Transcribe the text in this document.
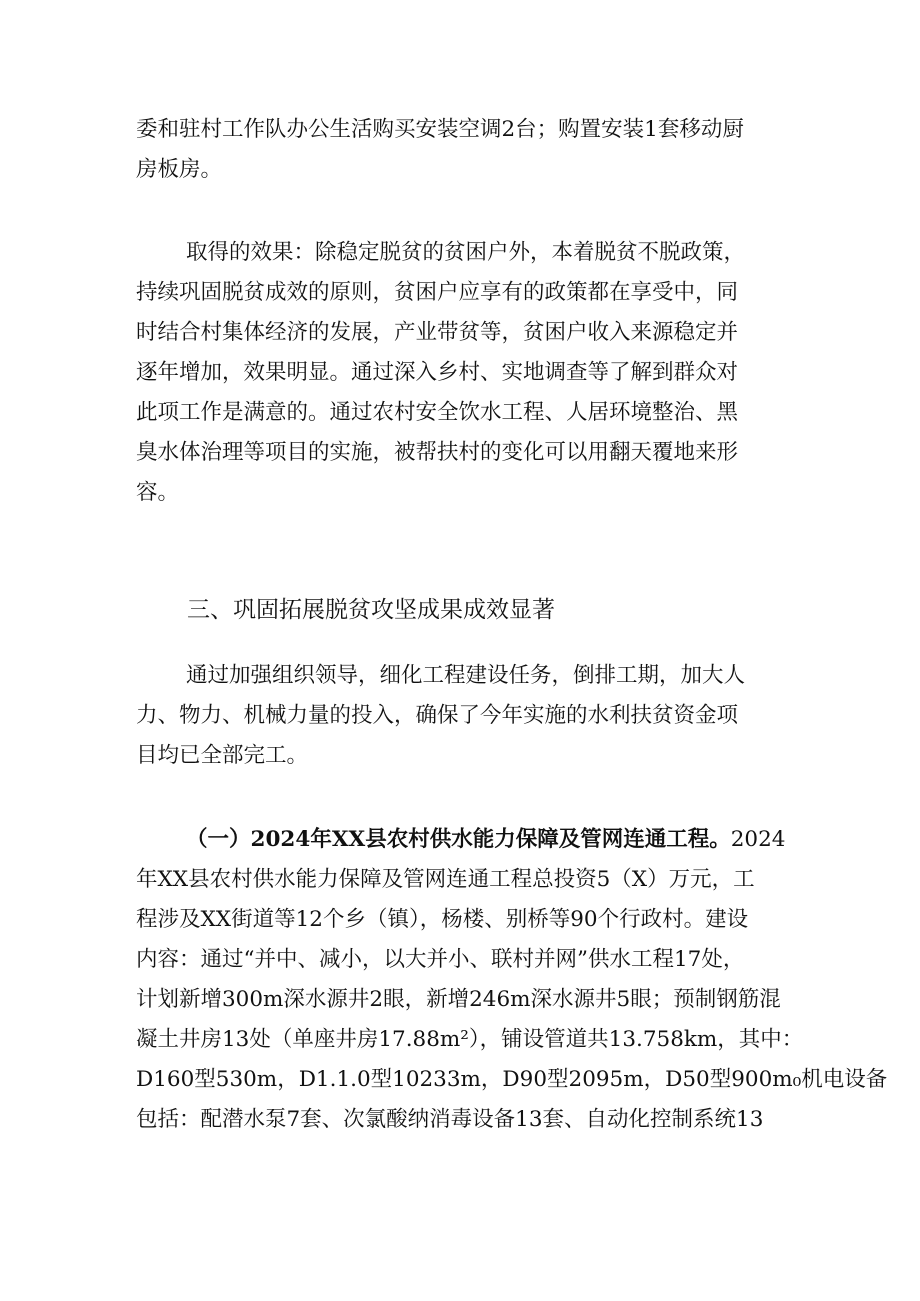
委和驻村工作队办公生活购买安装空调2台；购置安装1套移动厨
房板房。
取得的效果：除稳定脱贫的贫困户外，本着脱贫不脱政策，
持续巩固脱贫成效的原则，贫困户应享有的政策都在享受中，同
时结合村集体经济的发展，产业带贫等，贫困户收入来源稳定并
逐年增加，效果明显。通过深入乡村、实地调查等了解到群众对
此项工作是满意的。通过农村安全饮水工程、人居环境整治、黑
臭水体治理等项目的实施，被帮扶村的变化可以用翻天覆地来形
容。
三、巩固拓展脱贫攻坚成果成效显著
通过加强组织领导，细化工程建设任务，倒排工期，加大人
力、物力、机械力量的投入，确保了今年实施的水利扶贫资金项
目均已全部完工。
（一）2024年XX县农村供水能力保障及管网连通工程。2024
年XX县农村供水能力保障及管网连通工程总投资5（X）万元，工
程涉及XX街道等12个乡（镇），杨楼、别桥等90个行政村。建设
内容：通过“并中、减小，以大并小、联村并网”供水工程17处，
计划新增300m深水源井2眼，新增246m深水源井5眼；预制钢筋混
凝土井房13处（单座井房17.88m²），铺设管道共13.758km，其中：
D160型530m，D1.1.0型10233m，D90型2095m，D50型900m₀机电设备
包括：配潜水泵7套、次氯酸纳消毒设备13套、自动化控制系统13
